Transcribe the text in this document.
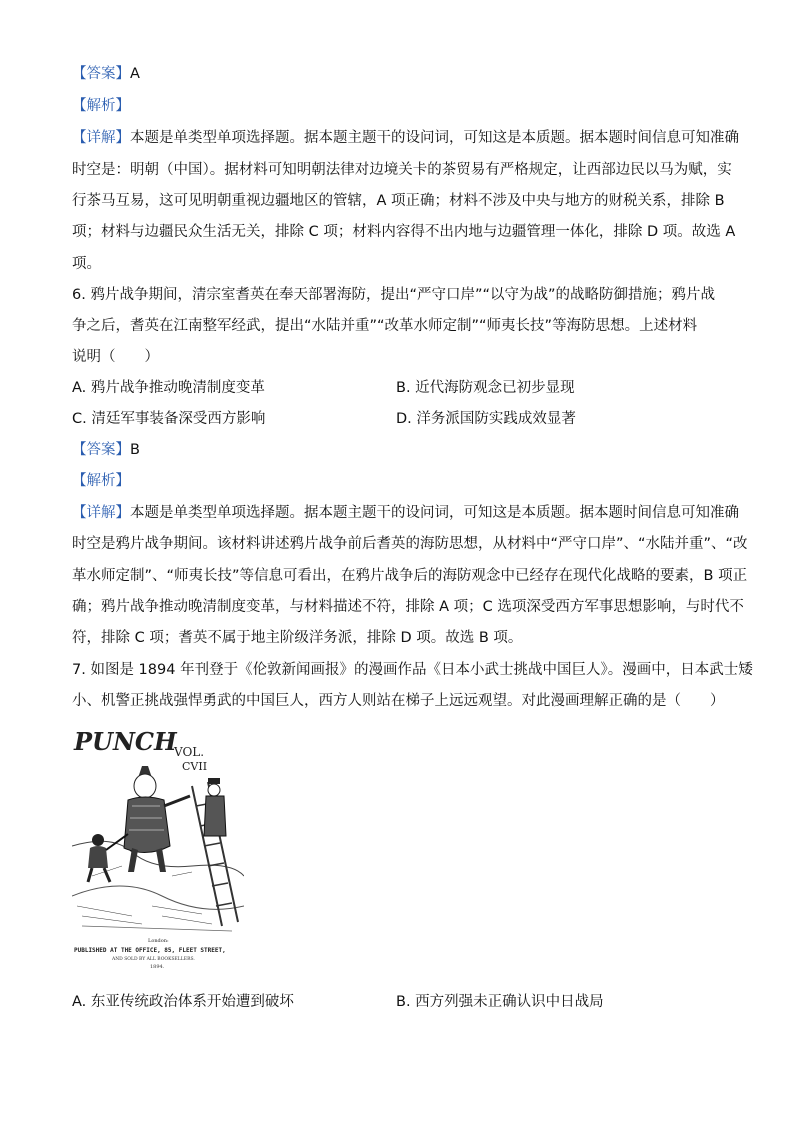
【答案】A
【解析】
【详解】本题是单类型单项选择题。据本题主题干的设问词，可知这是本质题。据本题时间信息可知准确
时空是：明朝（中国）。据材料可知明朝法律对边境关卡的茶贸易有严格规定，让西部边民以马为赋，实
行茶马互易，这可见明朝重视边疆地区的管辖，A 项正确；材料不涉及中央与地方的财税关系，排除 B
项；材料与边疆民众生活无关，排除 C 项；材料内容得不出内地与边疆管理一体化，排除 D 项。故选 A
项。
6. 鸦片战争期间，清宗室耆英在奉天部署海防，提出“严守口岸”“以守为战”的战略防御措施；鸦片战
争之后，耆英在江南整军经武，提出“水陆并重”“改革水师定制”“师夷长技”等海防思想。上述材料
说明（　　）
A. 鸦片战争推动晚清制度变革	B. 近代海防观念已初步显现
C. 清廷军事装备深受西方影响	D. 洋务派国防实践成效显著
【答案】B
【解析】
【详解】本题是单类型单项选择题。据本题主题干的设问词，可知这是本质题。据本题时间信息可知准确
时空是鸦片战争期间。该材料讲述鸦片战争前后耆英的海防思想，从材料中“严守口岸”、“水陆并重”、“改
革水师定制”、“师夷长技”等信息可看出，在鸦片战争后的海防观念中已经存在现代化战略的要素，B 项正
确；鸦片战争推动晚清制度变革，与材料描述不符，排除 A 项；C 选项深受西方军事思想影响，与时代不
符，排除 C 项；耆英不属于地主阶级洋务派，排除 D 项。故选 B 项。
7. 如图是 1894 年刊登于《伦敦新闻画报》的漫画作品《日本小武士挑战中国巨人》。漫画中，日本武士矮
小、机警正挑战强悍勇武的中国巨人，西方人则站在梯子上远远观望。对此漫画理解正确的是（　　）
PUNCH
VOL.
CVII
London:
PUBLISHED AT THE OFFICE, 85, FLEET STREET,
AND SOLD BY ALL BOOKSELLERS.
1894.
A. 东亚传统政治体系开始遭到破坏	B. 西方列强未正确认识中日战局
